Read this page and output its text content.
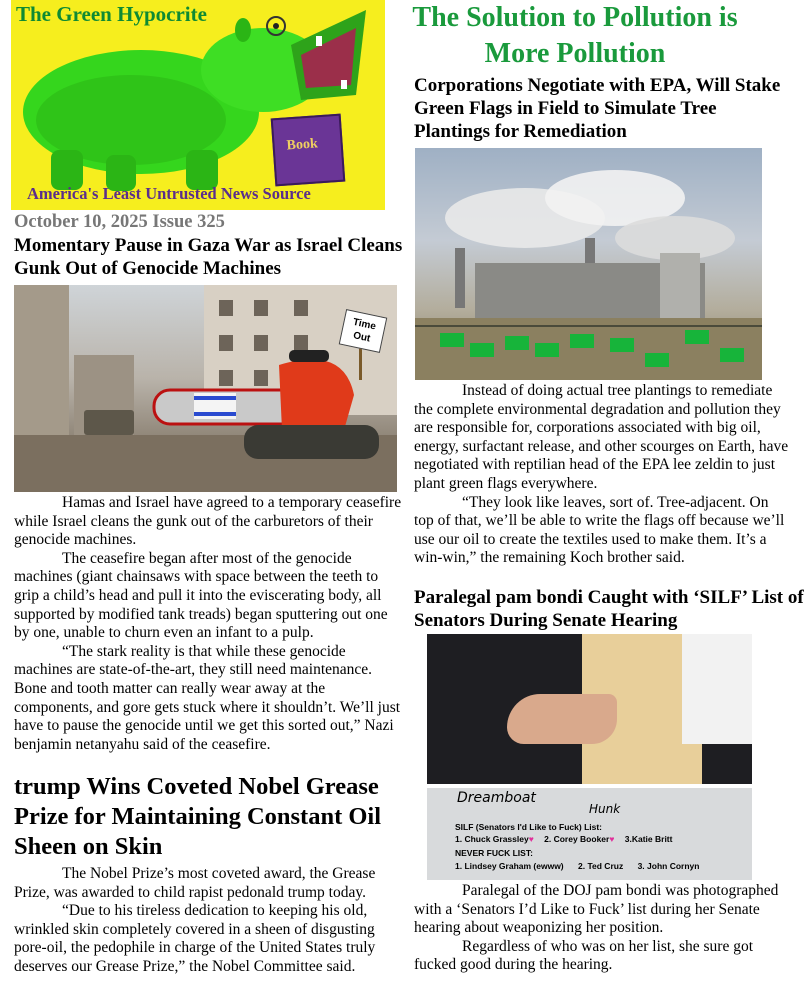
The Green Hypocrite
Book
America's Least Untrusted News Source
October 10, 2025 Issue 325
Momentary Pause in Gaza War as Israel Cleans Gunk Out of Genocide Machines
Time
Out

Hamas and Israel have agreed to a temporary ceasefire while Israel cleans the gunk out of the carburetors of their genocide machines.

The ceasefire began after most of the genocide machines (giant chainsaws with space between the teeth to grip a child’s head and pull it into the eviscerating body, all supported by modified tank treads) began sputtering out one by one, unable to churn even an infant to a pulp.

“The stark reality is that while these genocide machines are state-of-the-art, they still need maintenance. Bone and tooth matter can really wear away at the components, and gore gets stuck where it shouldn’t. We’ll just have to pause the genocide until we get this sorted out,” Nazi benjamin netanyahu said of the ceasefire.

trump Wins Coveted Nobel Grease Prize for Maintaining Constant Oil Sheen on Skin

The Nobel Prize’s most coveted award, the Grease Prize, was awarded to child rapist pedonald trump today.

“Due to his tireless dedication to keeping his old, wrinkled skin completely covered in a sheen of disgusting pore-oil, the pedophile in charge of the United States truly deserves our Grease Prize,” the Nobel Committee said.

The Solution to Pollution is More Pollution
Corporations Negotiate with EPA, Will Stake Green Flags in Field to Simulate Tree Plantings for Remediation

Instead of doing actual tree plantings to remediate the complete environmental degradation and pollution they are responsible for, corporations associated with big oil, energy, surfactant release, and other scourges on Earth, have negotiated with reptilian head of the EPA lee zeldin to just plant green flags everywhere.

“They look like leaves, sort of. Tree-adjacent. On top of that, we’ll be able to write the flags off because we’ll use our oil to create the textiles used to make them. It’s a win-win,” the remaining Koch brother said.

Paralegal pam bondi Caught with ‘SILF’ List of Senators During Senate Hearing
Dreamboat
Hunk
SILF (Senators I'd Like to Fuck) List:
1. Chuck Grassley♥ 2. Corey Booker♥ 3.Katie Britt
NEVER FUCK LIST:
1. Lindsey Graham (ewww) 2. Ted Cruz 3. John Cornyn

Paralegal of the DOJ pam bondi was photographed with a ‘Senators I’d Like to Fuck’ list during her Senate hearing about weaponizing her position.

Regardless of who was on her list, she sure got fucked good during the hearing.
